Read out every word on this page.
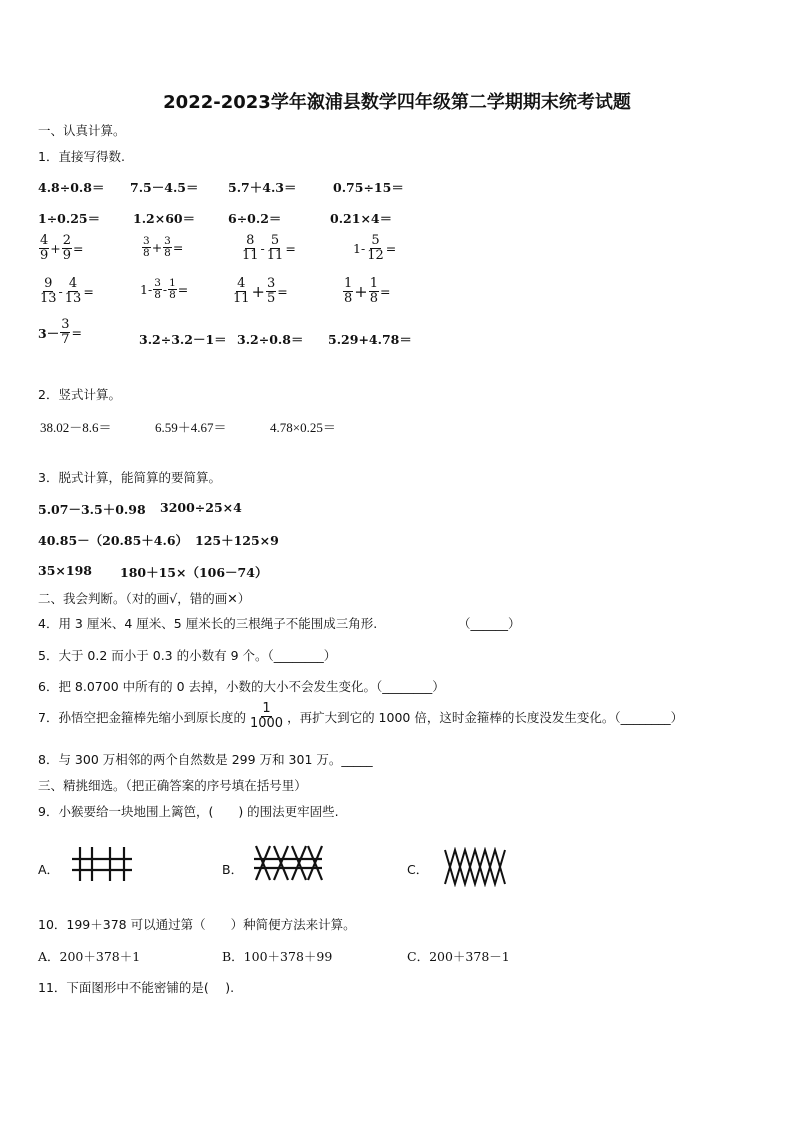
2022-2023学年溆浦县数学四年级第二学期期末统考试题
一、认真计算。
1．直接写得数.
4.8÷0.8＝ 7.5－4.5＝ 5.7＋4.3＝	0.75÷15＝
1÷0.25＝	1.2×60＝	6÷0.2＝	0.21×4＝
$\frac{4}{9} + \frac{2}{9}$ =	$\frac{3}{8} + \frac{3}{8}$ =	$\frac{8}{11} - \frac{5}{11}$ =	$1- \frac{5}{12}$ =
$\frac{9}{13} - \frac{4}{13}$ =	$1- \frac{3}{8} - \frac{1}{8}$ =	$\frac{4}{11} + \frac{3}{5}$ =	$\frac{1}{8} + \frac{1}{8}$ =
$3- \frac{3}{7}$ =	3.2÷3.2－1＝ 3.2÷0.8＝ 5.29+4.78＝
2．竖式计算。
38.02－8.6＝	6.59＋4.67＝	4.78×0.25＝
3．脱式计算，能简算的要简算。
5.07－3.5＋0.98 3200÷25×4
40.85－（20.85＋4.6） 125＋125×9
35×198 180＋15×（106－74）
二、我会判断。（对的画√，错的画✕）
4．用 3 厘米、4 厘米、5 厘米长的三根绳子不能围成三角形.	（______）
5．大于 0.2 而小于 0.3 的小数有 9 个。（________）
6．把 8.0700 中所有的 0 去掉，小数的大小不会发生变化。（________）
7．孙悟空把金箍棒先缩小到原长度的 $\frac{1}{1000}$ ，再扩大到它的 1000 倍，这时金箍棒的长度没发生变化。（________）
8．与 300 万相邻的两个自然数是 299 万和 301 万。_____
三、精挑细选。（把正确答案的序号填在括号里）
9．小猴要给一块地围上篱笆，(　　) 的围法更牢固些.
A．	B．	C．
10．199＋378 可以通过第（　　）种简便方法来计算。
A．200＋378＋1	B．100＋378＋99	C．200＋378－1
11．下面图形中不能密铺的是(　 ).
